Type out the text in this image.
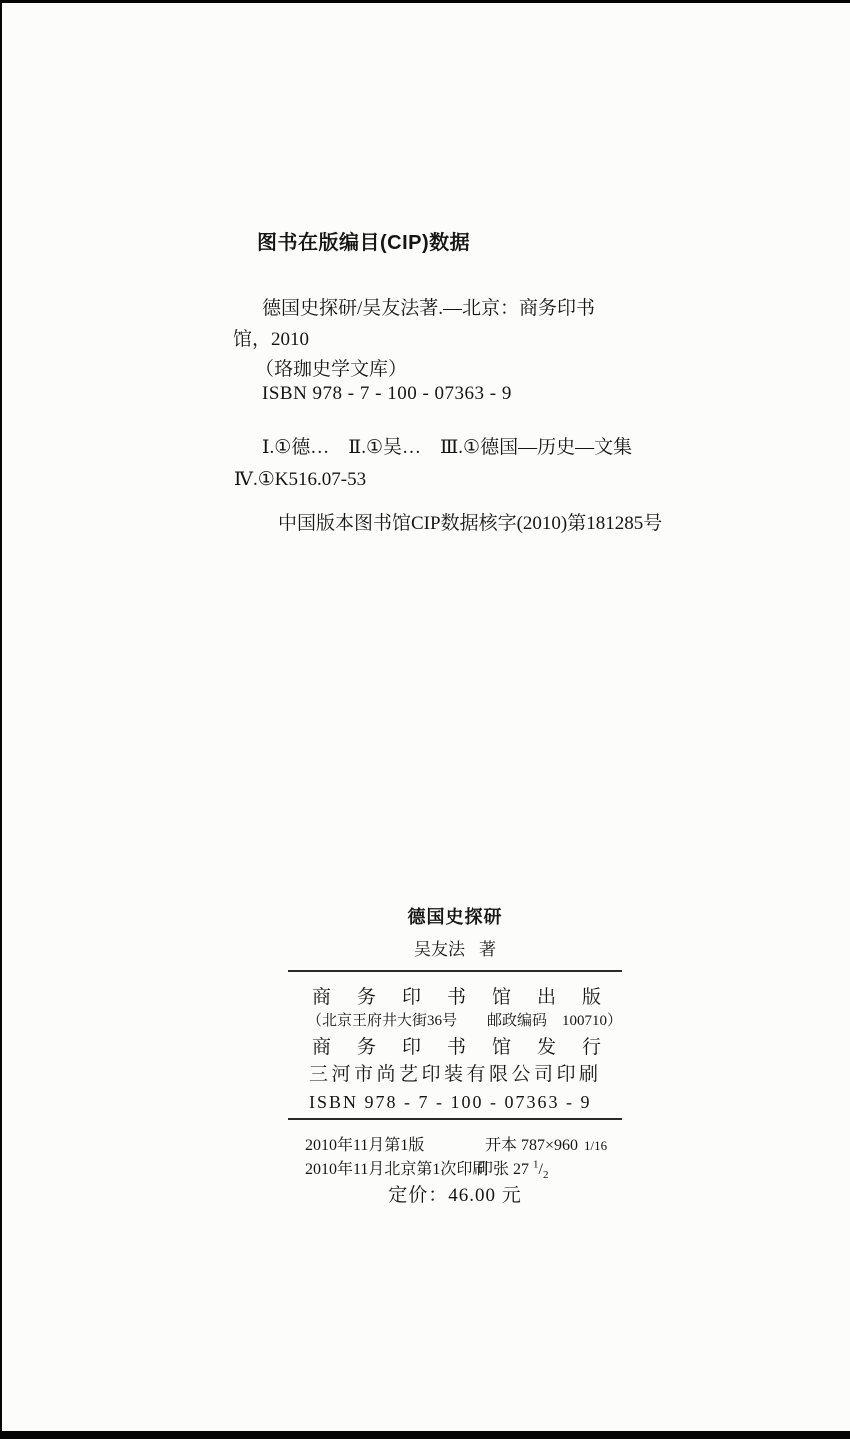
图书在版编目(CIP)数据
德国史探研/吴友法著.—北京：商务印书
馆，2010
（珞珈史学文库）
ISBN 978 - 7 - 100 - 07363 - 9
Ⅰ.①德…　Ⅱ.①吴…　Ⅲ.①德国—历史—文集
Ⅳ.①K516.07-53
中国版本图书馆CIP数据核字(2010)第181285号
德国史探研
吴友法 著
商务印书馆出版
（北京王府井大街36号　　邮政编码　100710）
商务印书馆发行
三河市尚艺印装有限公司印刷
ISBN 978 - 7 - 100 - 07363 - 9
2010年11月第1版	开本 787×960 1/16
2010年11月北京第1次印刷
印张 27 $^1/_2$
定价：46.00 元
